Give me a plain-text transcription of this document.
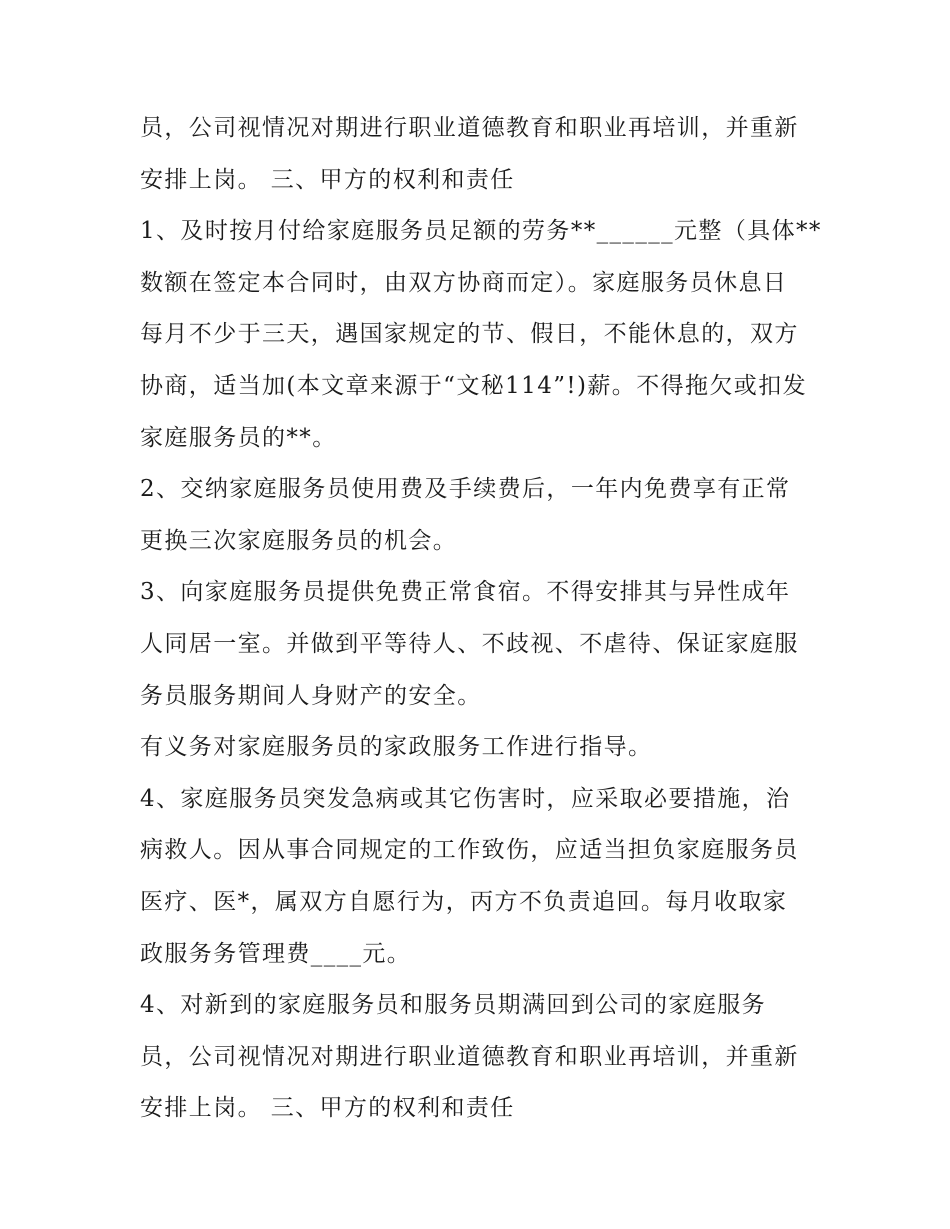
员，公司视情况对期进行职业道德教育和职业再培训，并重新
安排上岗。 三、甲方的权利和责任
1、及时按月付给家庭服务员足额的劳务**______元整（具体**
数额在签定本合同时，由双方协商而定）。家庭服务员休息日
每月不少于三天，遇国家规定的节、假日，不能休息的，双方
协商，适当加(本文章来源于“文秘114”!)薪。不得拖欠或扣发
家庭服务员的**。
2、交纳家庭服务员使用费及手续费后，一年内免费享有正常
更换三次家庭服务员的机会。
3、向家庭服务员提供免费正常食宿。不得安排其与异性成年
人同居一室。并做到平等待人、不歧视、不虐待、保证家庭服
务员服务期间人身财产的安全。
有义务对家庭服务员的家政服务工作进行指导。
4、家庭服务员突发急病或其它伤害时，应采取必要措施，治
病救人。因从事合同规定的工作致伤，应适当担负家庭服务员
医疗、医*，属双方自愿行为，丙方不负责追回。每月收取家
政服务务管理费____元。
4、对新到的家庭服务员和服务员期满回到公司的家庭服务
员，公司视情况对期进行职业道德教育和职业再培训，并重新
安排上岗。 三、甲方的权利和责任
